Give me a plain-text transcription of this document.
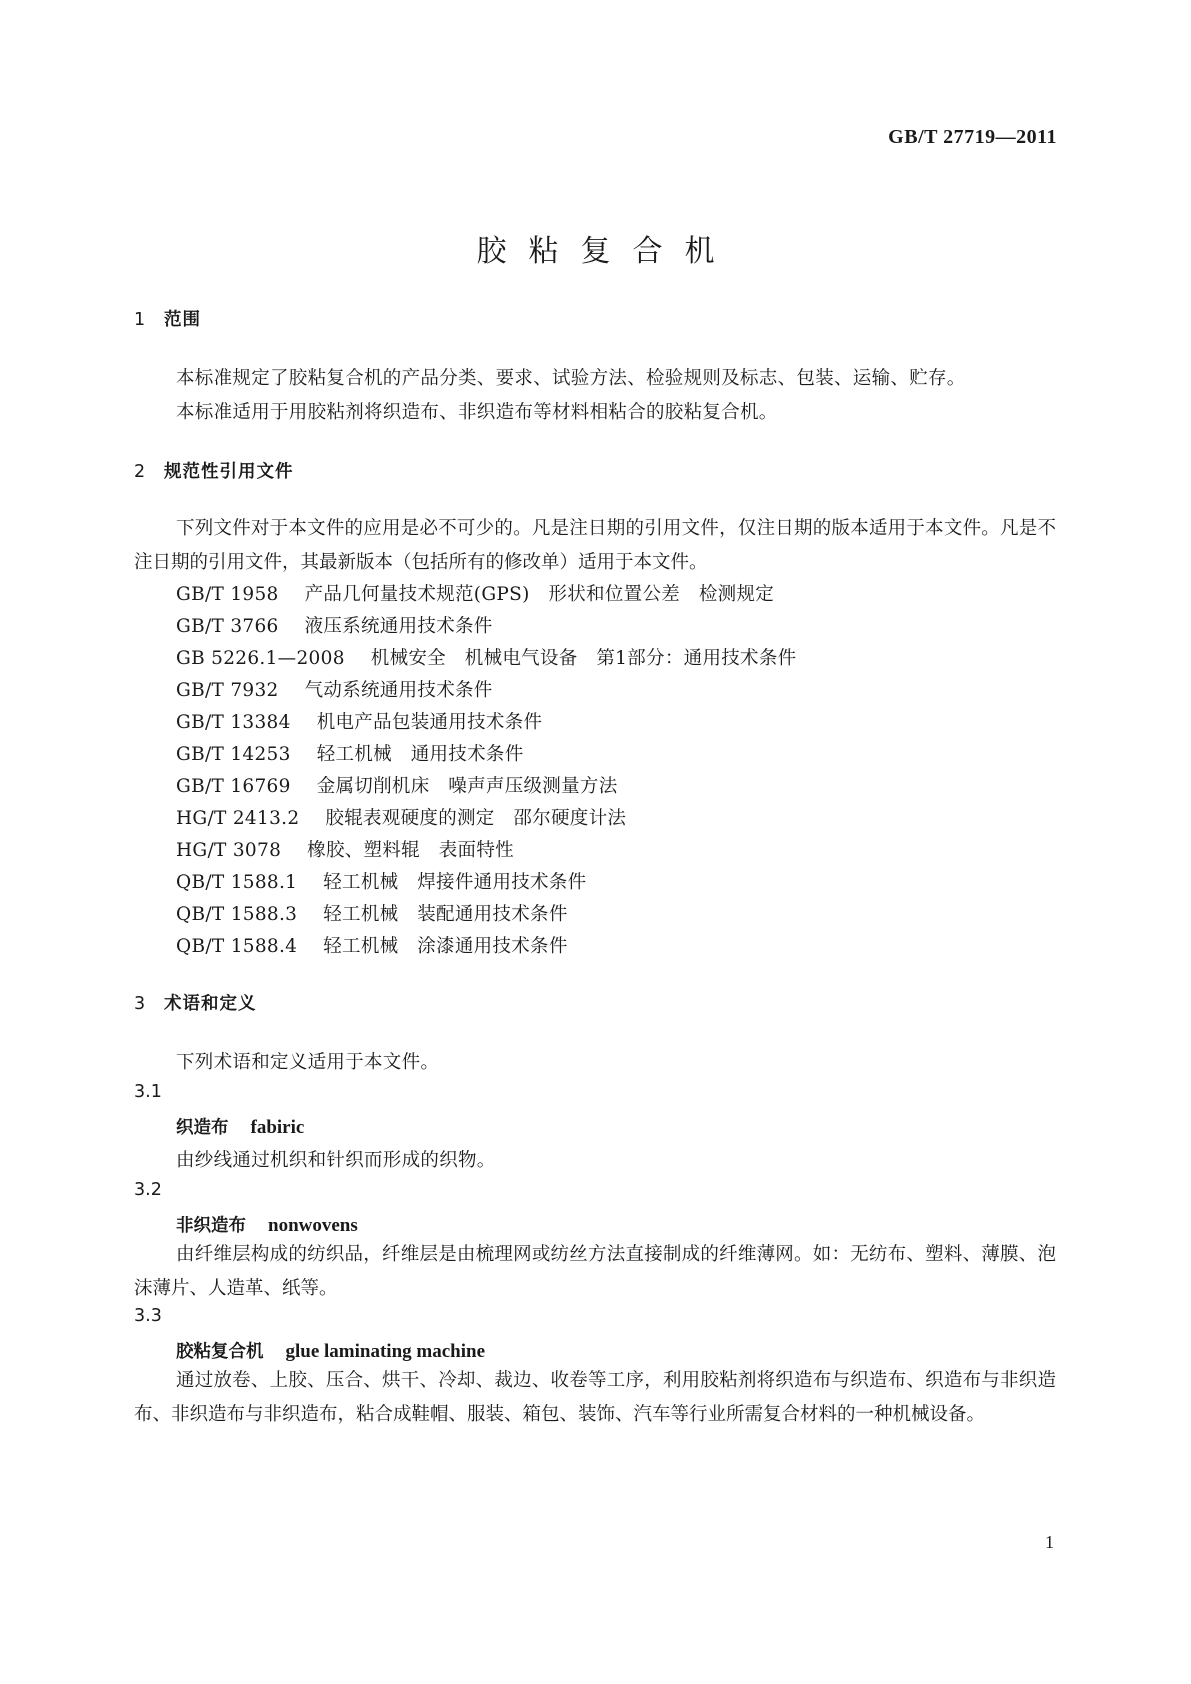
GB/T 27719—2011
胶粘复合机
1 范围
本标准规定了胶粘复合机的产品分类、要求、试验方法、检验规则及标志、包装、运输、贮存。
本标准适用于用胶粘剂将织造布、非织造布等材料相粘合的胶粘复合机。
2 规范性引用文件
下列文件对于本文件的应用是必不可少的。凡是注日期的引用文件，仅注日期的版本适用于本文件。凡是不注日期的引用文件，其最新版本（包括所有的修改单）适用于本文件。
GB/T 1958 产品几何量技术规范(GPS)　形状和位置公差　检测规定
GB/T 3766 液压系统通用技术条件
GB 5226.1—2008 机械安全　机械电气设备　第1部分：通用技术条件
GB/T 7932 气动系统通用技术条件
GB/T 13384 机电产品包装通用技术条件
GB/T 14253 轻工机械　通用技术条件
GB/T 16769 金属切削机床　噪声声压级测量方法
HG/T 2413.2 胶辊表观硬度的测定　邵尔硬度计法
HG/T 3078 橡胶、塑料辊　表面特性
QB/T 1588.1 轻工机械　焊接件通用技术条件
QB/T 1588.3 轻工机械　装配通用技术条件
QB/T 1588.4 轻工机械　涂漆通用技术条件
3 术语和定义
下列术语和定义适用于本文件。
3.1
织造布 fabiric
由纱线通过机织和针织而形成的织物。
3.2
非织造布 nonwovens
由纤维层构成的纺织品，纤维层是由梳理网或纺丝方法直接制成的纤维薄网。如：无纺布、塑料、薄膜、泡沫薄片、人造革、纸等。
3.3
胶粘复合机 glue laminating machine
通过放卷、上胶、压合、烘干、冷却、裁边、收卷等工序，利用胶粘剂将织造布与织造布、织造布与非织造布、非织造布与非织造布，粘合成鞋帽、服装、箱包、装饰、汽车等行业所需复合材料的一种机械设备。
1
